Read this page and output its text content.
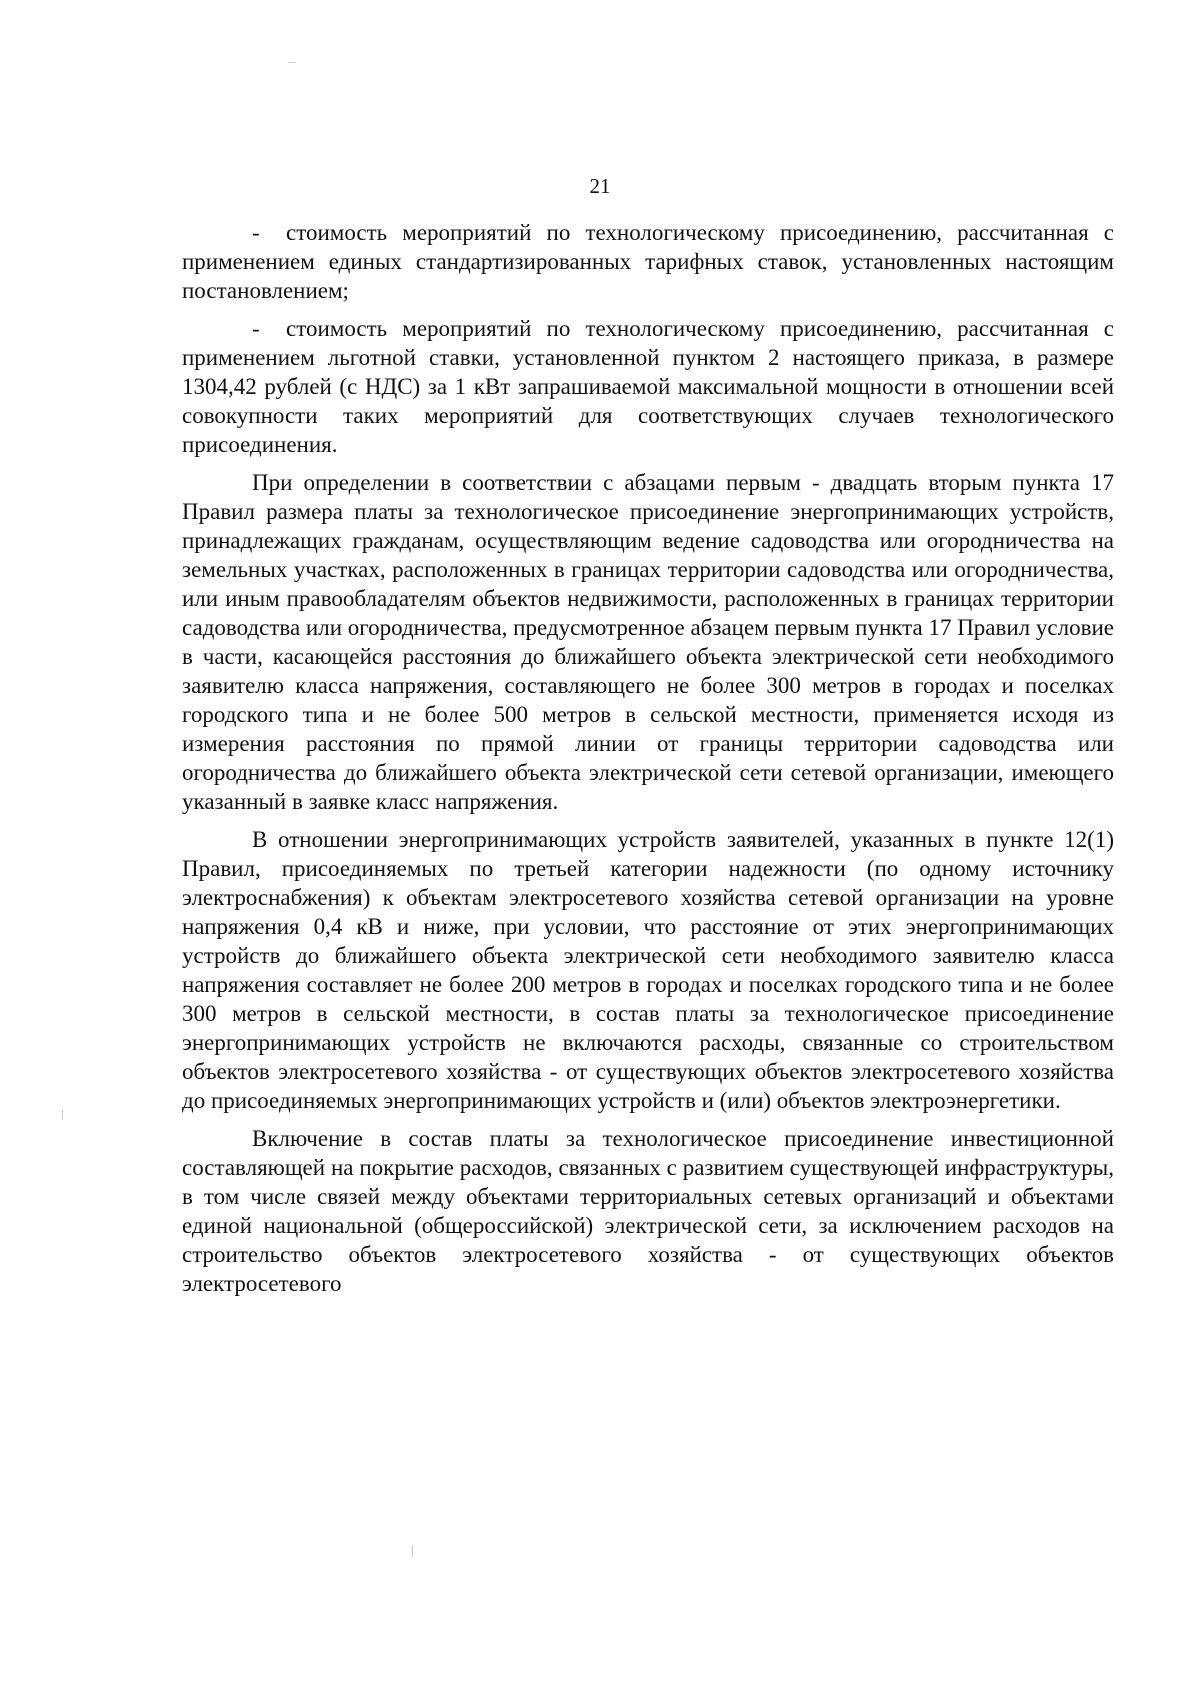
21

- стоимость мероприятий по технологическому присоединению, рассчитанная с применением единых стандартизированных тарифных ставок, установленных настоящим постановлением;

- стоимость мероприятий по технологическому присоединению, рассчитанная с применением льготной ставки, установленной пунктом 2 настоящего приказа, в размере 1304,42 рублей (с НДС) за 1 кВт запрашиваемой максимальной мощности в отношении всей совокупности таких мероприятий для соответствующих случаев технологического присоединения.

При определении в соответствии с абзацами первым - двадцать вторым пункта 17 Правил размера платы за технологическое присоединение энергопринимающих устройств, принадлежащих гражданам, осуществляющим ведение садоводства или огородничества на земельных участках, расположенных в границах территории садоводства или огородничества, или иным правообладателям объектов недвижимости, расположенных в границах территории садоводства или огородничества, предусмотренное абзацем первым пункта 17 Правил условие в части, касающейся расстояния до ближайшего объекта электрической сети необходимого заявителю класса напряжения, составляющего не более 300 метров в городах и поселках городского типа и не более 500 метров в сельской местности, применяется исходя из измерения расстояния по прямой линии от границы территории садоводства или огородничества до ближайшего объекта электрической сети сетевой организации, имеющего указанный в заявке класс напряжения.

В отношении энергопринимающих устройств заявителей, указанных в пункте 12(1) Правил, присоединяемых по третьей категории надежности (по одному источнику электроснабжения) к объектам электросетевого хозяйства сетевой организации на уровне напряжения 0,4 кВ и ниже, при условии, что расстояние от этих энергопринимающих устройств до ближайшего объекта электрической сети необходимого заявителю класса напряжения составляет не более 200 метров в городах и поселках городского типа и не более 300 метров в сельской местности, в состав платы за технологическое присоединение энергопринимающих устройств не включаются расходы, связанные со строительством объектов электросетевого хозяйства - от существующих объектов электросетевого хозяйства до присоединяемых энергопринимающих устройств и (или) объектов электроэнергетики.

Включение в состав платы за технологическое присоединение инвестиционной составляющей на покрытие расходов, связанных с развитием существующей инфраструктуры, в том числе связей между объектами территориальных сетевых организаций и объектами единой национальной (общероссийской) электрической сети, за исключением расходов на строительство объектов электросетевого хозяйства - от существующих объектов электросетевого
